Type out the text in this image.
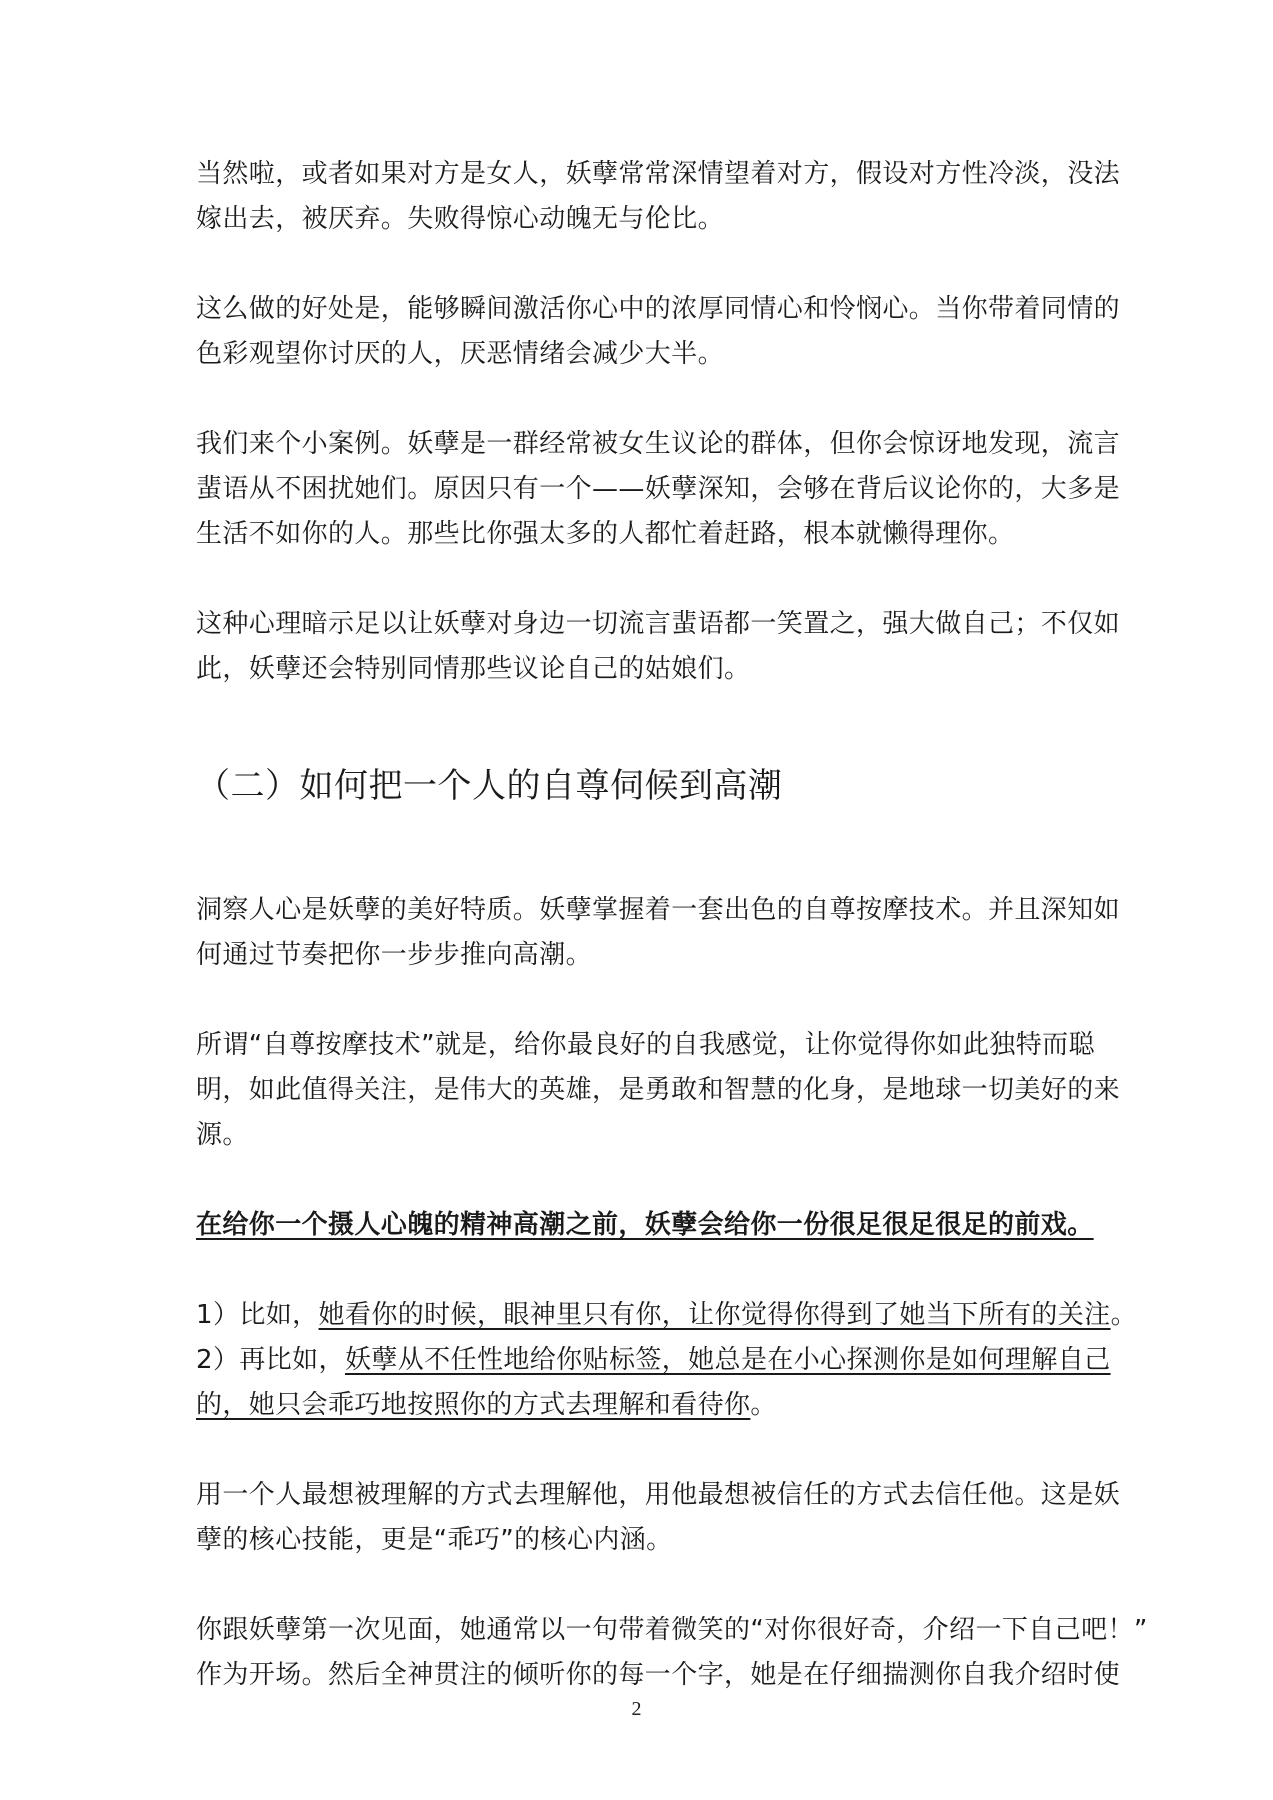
当然啦，或者如果对方是女人，妖孽常常深情望着对方，假设对方性冷淡，没法
嫁出去，被厌弃。失败得惊心动魄无与伦比。
这么做的好处是，能够瞬间激活你心中的浓厚同情心和怜悯心。当你带着同情的
色彩观望你讨厌的人，厌恶情绪会减少大半。
我们来个小案例。妖孽是一群经常被女生议论的群体，但你会惊讶地发现，流言
蜚语从不困扰她们。原因只有一个——妖孽深知，会够在背后议论你的，大多是
生活不如你的人。那些比你强太多的人都忙着赶路，根本就懒得理你。
这种心理暗示足以让妖孽对身边一切流言蜚语都一笑置之，强大做自己；不仅如
此，妖孽还会特别同情那些议论自己的姑娘们。
（二）如何把一个人的自尊伺候到高潮
洞察人心是妖孽的美好特质。妖孽掌握着一套出色的自尊按摩技术。并且深知如
何通过节奏把你一步步推向高潮。
所谓“自尊按摩技术”就是，给你最良好的自我感觉，让你觉得你如此独特而聪
明，如此值得关注，是伟大的英雄，是勇敢和智慧的化身，是地球一切美好的来
源。
在给你一个摄人心魄的精神高潮之前，妖孽会给你一份很足很足很足的前戏。
1）比如，她看你的时候，眼神里只有你，让你觉得你得到了她当下所有的关注。
2）再比如，妖孽从不任性地给你贴标签，她总是在小心探测你是如何理解自己
的，她只会乖巧地按照你的方式去理解和看待你。
用一个人最想被理解的方式去理解他，用他最想被信任的方式去信任他。这是妖
孽的核心技能，更是“乖巧”的核心内涵。
你跟妖孽第一次见面，她通常以一句带着微笑的“对你很好奇，介绍一下自己吧！”
作为开场。然后全神贯注的倾听你的每一个字，她是在仔细揣测你自我介绍时使
2
